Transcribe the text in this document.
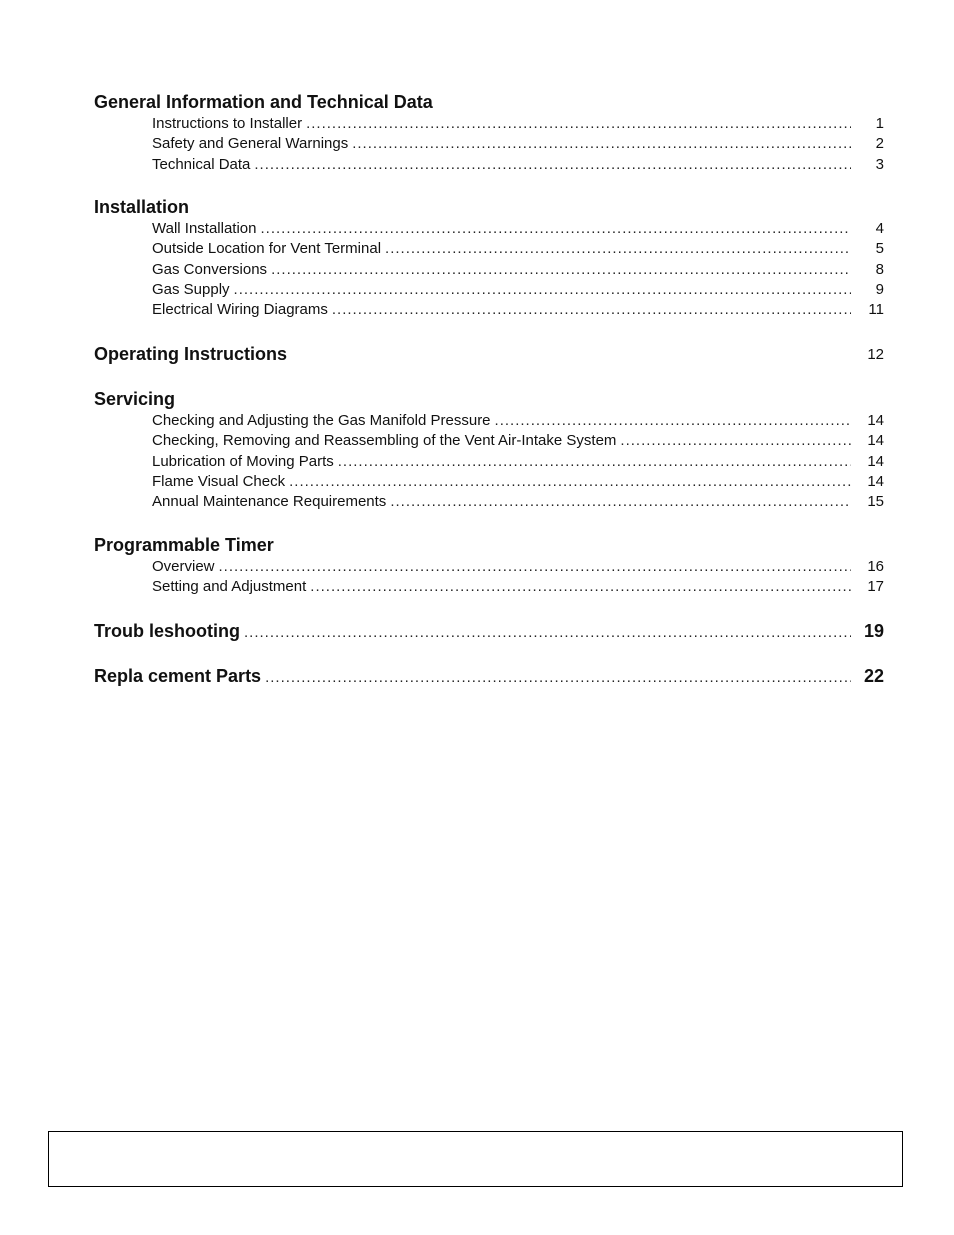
General Information and Technical Data
Instructions to Installer .....	1
Safety and General Warnings .....	2
Technical Data .....	3
Installation
Wall Installation .....	4
Outside Location for Vent Terminal .....	5
Gas Conversions .....	8
Gas Supply .....	9
Electrical Wiring Diagrams .....	11
Operating Instructions	12
Servicing
Checking and Adjusting the Gas Manifold Pressure .....	14
Checking, Removing and Reassembling of the Vent Air-Intake System .....	14
Lubrication of Moving Parts .....	14
Flame Visual Check .....	14
Annual Maintenance Requirements .....	15
Programmable Timer
Overview .....	16
Setting and Adjustment .....	17
Troub leshooting .....	19
Repla cement Parts .....	22
